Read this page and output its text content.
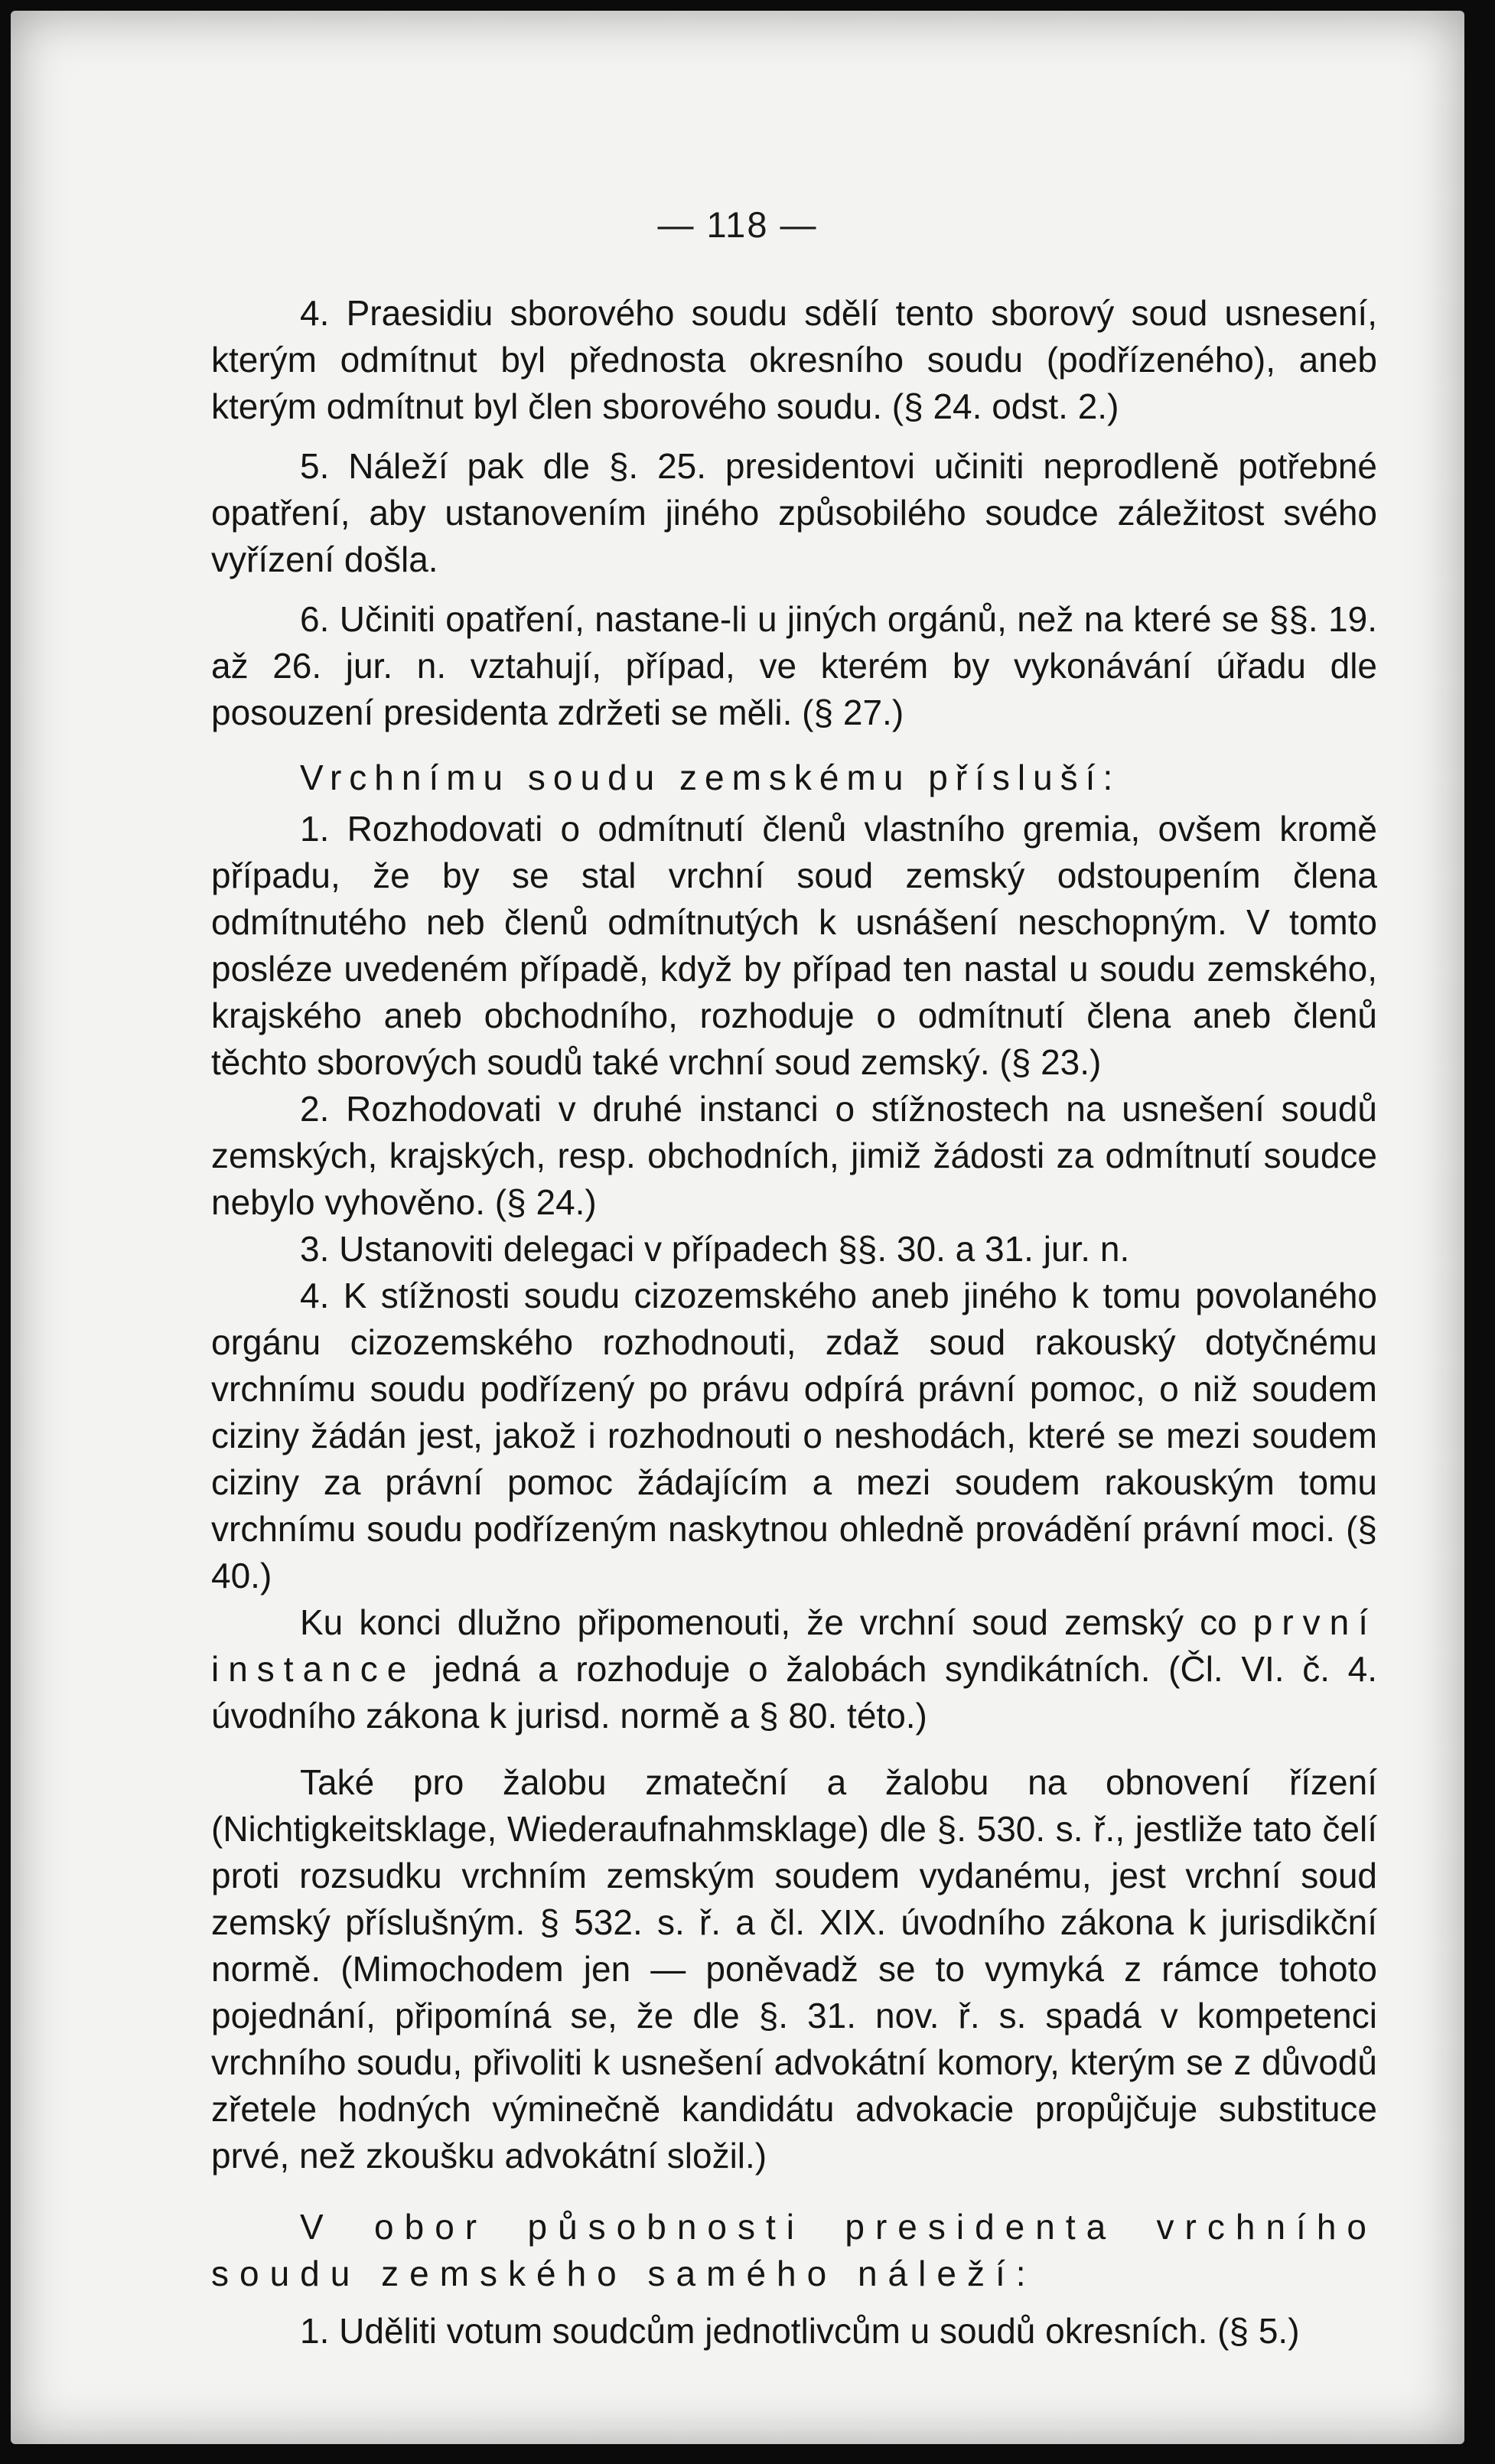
— 118 —

4. Praesidiu sborového soudu sdělí tento sborový soud usnesení, kterým odmítnut byl přednosta okresního soudu (podřízeného), aneb kterým odmítnut byl člen sborového soudu. (§ 24. odst. 2.)

5. Náleží pak dle §. 25. presidentovi učiniti neprodleně potřebné opatření, aby ustanovením jiného způsobilého soudce záležitost svého vyřízení došla.

6. Učiniti opatření, nastane-li u jiných orgánů, než na které se §§. 19. až 26. jur. n. vztahují, případ, ve kterém by vykonávání úřadu dle posouzení presidenta zdržeti se měli. (§ 27.)

Vrchnímu soudu zemskému přísluší:

1. Rozhodovati o odmítnutí členů vlastního gremia, ovšem kromě případu, že by se stal vrchní soud zemský odstoupením člena odmítnutého neb členů odmítnutých k usnášení neschopným. V tomto posléze uvedeném případě, když by případ ten nastal u soudu zemského, krajského aneb obchodního, rozhoduje o odmítnutí člena aneb členů těchto sborových soudů také vrchní soud zemský. (§ 23.)

2. Rozhodovati v druhé instanci o stížnostech na usnešení soudů zemských, krajských, resp. obchodních, jimiž žádosti za odmítnutí soudce nebylo vyhověno. (§ 24.)

3. Ustanoviti delegaci v případech §§. 30. a 31. jur. n.

4. K stížnosti soudu cizozemského aneb jiného k tomu povolaného orgánu cizozemského rozhodnouti, zdaž soud rakouský dotyčnému vrchnímu soudu podřízený po právu odpírá právní pomoc, o niž soudem ciziny žádán jest, jakož i rozhodnouti o neshodách, které se mezi soudem ciziny za právní pomoc žádajícím a mezi soudem rakouským tomu vrchnímu soudu podřízeným naskytnou ohledně provádění právní moci. (§ 40.)

Ku konci dlužno připomenouti, že vrchní soud zemský co první instance jedná a rozhoduje o žalobách syndikátních. (Čl. VI. č. 4. úvodního zákona k jurisd. normě a § 80. této.)

Také pro žalobu zmateční a žalobu na obnovení řízení (Nichtigkeitsklage, Wiederaufnahmsklage) dle §. 530. s. ř., jestliže tato čelí proti rozsudku vrchním zemským soudem vydanému, jest vrchní soud zemský příslušným. § 532. s. ř. a čl. XIX. úvodního zákona k jurisdikční normě. (Mimochodem jen — poněvadž se to vymyká z rámce tohoto pojednání, připomíná se, že dle §. 31. nov. ř. s. spadá v kompetenci vrchního soudu, přivoliti k usnešení advokátní komory, kterým se z důvodů zřetele hodných výminečně kandidátu advokacie propůjčuje substituce prvé, než zkoušku advokátní složil.)

V obor působnosti presidenta vrchního soudu zemského samého náleží:

1. Uděliti votum soudcům jednotlivcům u soudů okresních. (§ 5.)
